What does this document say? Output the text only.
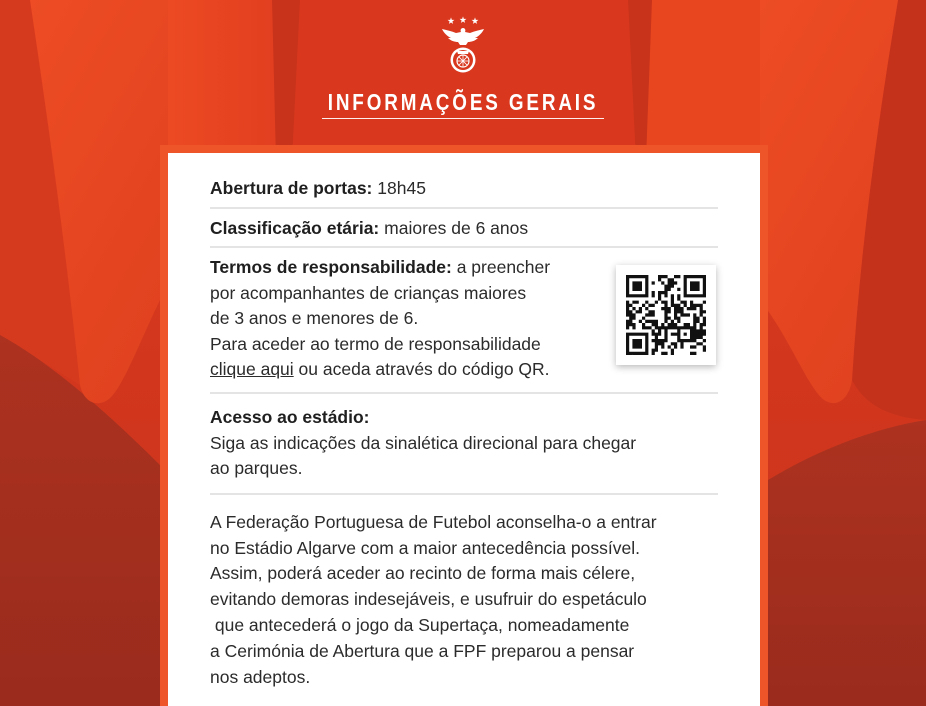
INFORMAÇÕES GERAIS
Abertura de portas: 18h45
Classificação etária: maiores de 6 anos
Termos de responsabilidade: a preencher
por acompanhantes de crianças maiores
de 3 anos e menores de 6.
Para aceder ao termo de responsabilidade
clique aqui ou aceda através do código QR.
Acesso ao estádio:
Siga as indicações da sinalética direcional para chegar
ao parques.
A Federação Portuguesa de Futebol aconselha-o a entrar
no Estádio Algarve com a maior antecedência possível.
Assim, poderá aceder ao recinto de forma mais célere,
evitando demoras indesejáveis, e usufruir do espetáculo
que antecederá o jogo da Supertaça, nomeadamente
a Cerimónia de Abertura que a FPF preparou a pensar
nos adeptos.
